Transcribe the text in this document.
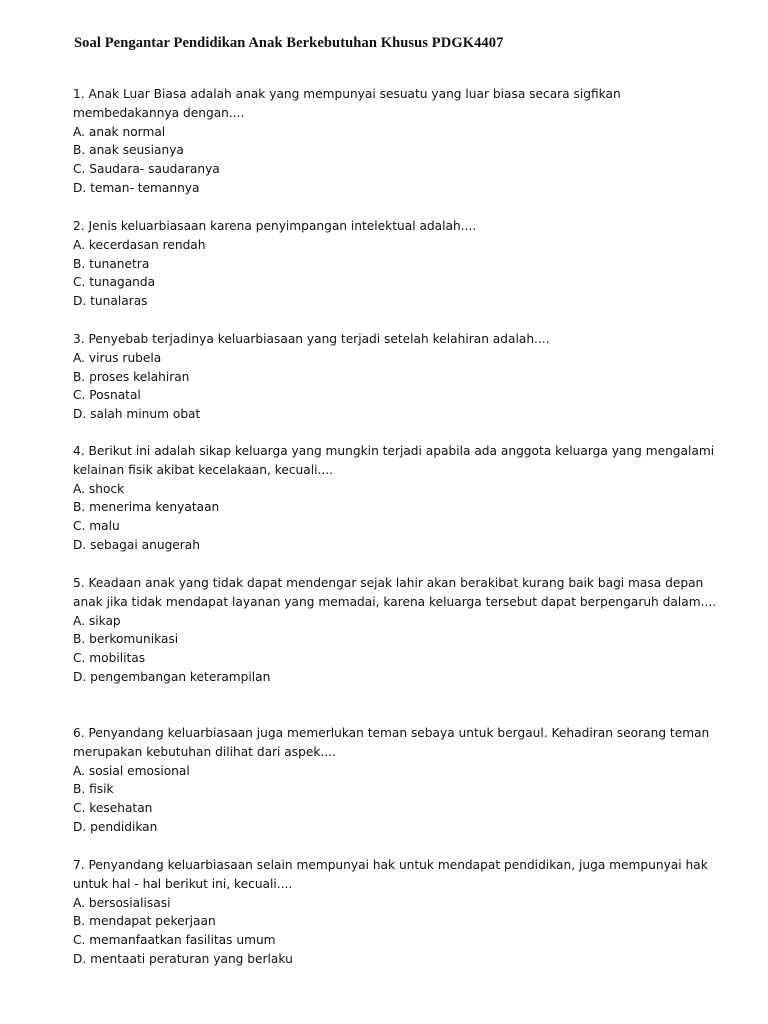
Soal Pengantar Pendidikan Anak Berkebutuhan Khusus PDGK4407

1. Anak Luar Biasa adalah anak yang mempunyai sesuatu yang luar biasa secara sigfikan membedakannya dengan....

A. anak normal

B. anak seusianya

C. Saudara- saudaranya

D. teman- temannya

2. Jenis keluarbiasaan karena penyimpangan intelektual adalah....

A. kecerdasan rendah

B. tunanetra

C. tunaganda

D. tunalaras

3. Penyebab terjadinya keluarbiasaan yang terjadi setelah kelahiran adalah....

A. virus rubela

B. proses kelahiran

C. Posnatal

D. salah minum obat

4. Berikut ini adalah sikap keluarga yang mungkin terjadi apabila ada anggota keluarga yang mengalami kelainan fisik akibat kecelakaan, kecuali....

A. shock

B. menerima kenyataan

C. malu

D. sebagai anugerah

5. Keadaan anak yang tidak dapat mendengar sejak lahir akan berakibat kurang baik bagi masa depan anak jika tidak mendapat layanan yang memadai, karena keluarga tersebut dapat berpengaruh dalam....

A. sikap

B. berkomunikasi

C. mobilitas

D. pengembangan keterampilan

6. Penyandang keluarbiasaan juga memerlukan teman sebaya untuk bergaul. Kehadiran seorang teman merupakan kebutuhan dilihat dari aspek....

A. sosial emosional

B. fisik

C. kesehatan

D. pendidikan

7. Penyandang keluarbiasaan selain mempunyai hak untuk mendapat pendidikan, juga mempunyai hak untuk hal - hal berikut ini, kecuali....

A. bersosialisasi

B. mendapat pekerjaan

C. memanfaatkan fasilitas umum

D. mentaati peraturan yang berlaku
